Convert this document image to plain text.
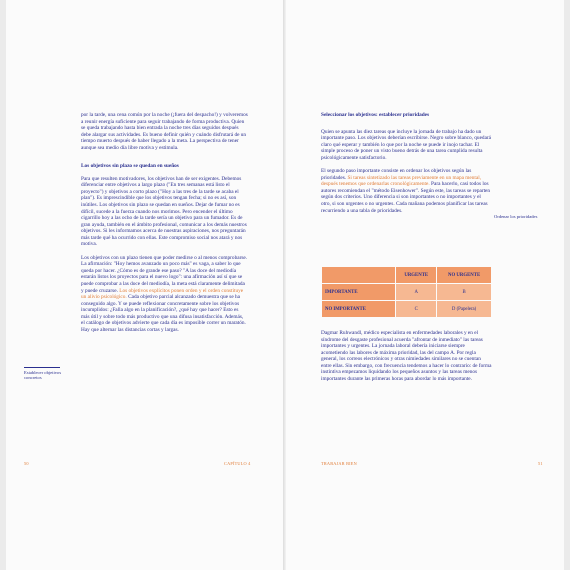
por la tarde, una cena común por la noche (¡fuera del despacho!) y volveremos a reunir energía suficiente para seguir trabajando de forma productiva. Quien se queda trabajando hasta bien entrada la noche tres días seguidos después debe alargar sus actividades. Es bueno definir quién y cuándo disfrutará de un tiempo muerto después de haber llegado a la meta. La perspectiva de tener aunque sea medio día libre motiva y estimula.

Los objetivos sin plazo se quedan en sueños

Para que resulten motivadores, los objetivos han de ser exigentes. Debemos diferenciar entre objetivos a largo plazo ("En tres semanas está listo el proyecto") y objetivos a corto plazo ("Hoy a las tres de la tarde se acaba el plan"). Es imprescindible que los objetivos tengan fecha; si no es así, son inútiles. Los objetivos sin plazo se quedan en sueños. Dejar de fumar no es difícil, sucede a la fuerza cuando nos morimos. Pero encender el último cigarrillo hoy a las ocho de la tarde sería un objetivo para un fumador. Es de gran ayuda, también en el ámbito profesional, comunicar a los demás nuestros objetivos. Si les informamos acerca de nuestras aspiraciones, nos preguntarán más tarde qué ha ocurrido con ellas. Este compromiso social nos atará y nos motiva.

Los objetivos con un plazo tienen que poder medirse o al menos comprobarse. La afirmación: "Hoy hemos avanzado un poco más" es vaga, a saber lo que queda por hacer. ¿Cómo es de grande ese paso? "A las doce del mediodía estarán listos los proyectos para el nuevo logo": una afirmación así sí que se puede comprobar a las doce del mediodía, la meta está claramente delimitada y puede cruzarse. Los objetivos explícitos ponen orden y el orden constituye un alivio psicológico. Cada objetivo parcial alcanzado demuestra que se ha conseguido algo. Y se puede reflexionar concretamente sobre los objetivos incumplidos: ¿Falla algo en la planificación?, ¿qué hay que hacer? Esto es más útil y sobre todo más productivo que una difusa insatisfacción. Además, el catálogo de objetivos advierte que cada día es imposible correr un maratón. Hay que alternar las distancias cortas y largas.

Establecer objetivos concretos
50	CAPÍTULO 4

Seleccionar los objetivos: establecer prioridades

Quien se apunta las diez tareas que incluye la jornada de trabajo ha dado un importante paso. Los objetivos deberían escribirse. Negro sobre blanco, quedará claro qué esperar y también lo que por la noche se puede ir inojo tachar. El simple proceso de poner un visto bueno detrás de una tarea cumplida resulta psicológicamente satisfactorio.

El segundo paso importante consiste en ordenar los objetivos según las prioridades. Si tareas sintetizado las tareas previamente en un mapa mental, después tenemos que ordenarlas cronológicamente. Para hacerlo, casi todos los autores recomiendan el "método Eisenhower". Según este, las tareas se reparten según dos criterios. Uno diferencia si son importantes o no importantes y el otro, si son urgentes o no urgentes. Cada mañana podemos planificar las tareas recurriendo a una tabla de prioridades.

Ordenar los prioridades
	URGENTE	NO URGENTE
IMPORTANTE	A	B
NO IMPORTANTE	C	D (Papelera)

Dagmar Ruhwandl, médico especialista en enfermedades laborales y en el síndrome del desgaste profesional acuerda "afrontar de inmediato" las tareas importantes y urgentes. La jornada laboral debería iniciarse siempre acometiendo las labores de máxima prioridad, las del campo A. Por regla general, los correos electrónicos y otras nimiedades similares no se cuentan entre ellas. Sin embargo, con frecuencia tendemos a hacer lo contrario: de forma instintiva empezamos liquidando los pequeños asuntos y las tareas menos importantes durante las primeras horas para abordar lo más importante.

TRABAJAR BIEN	51
